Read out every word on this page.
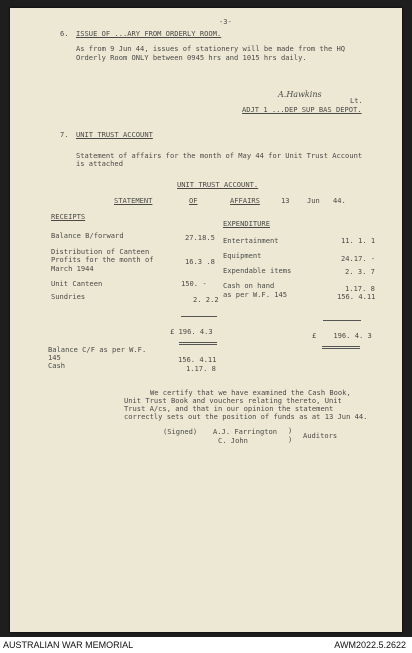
-3-
6. ISSUE OF ...ARY FROM ORDERLY ROOM.
As from 9 Jun 44, issues of stationery will be made from the HQ
Orderly Room ONLY between 0945 hrs and 1015 hrs daily.
A.Hawkins
Lt.
ADJT 1 ...DEP SUP BAS DEPOT.
7. UNIT TRUST ACCOUNT
Statement of affairs for the month of May 44 for Unit Trust Account
is attached
UNIT TRUST ACCOUNT.
STATEMENT	OF	AFFAIRS	13 Jun 44.
RECEIPTS
EXPENDITURE
Balance B/forward	27.18.5
Distribution of Canteen
Profits for the month of
March 1944
16.3 .8
Unit Canteen	150. -
Sundries	2. 2.2
Entertainment	11. 1. 1
Equipment	24.17. -
Expendable items	2. 3. 7
Cash on hand	1.17. 8
as per W.F. 145	156. 4.11
£ 196. 4.3	£    196. 4. 3
Balance C/F as per W.F.
145	156. 4.11
Cash	1.17. 8
We certify that we have examined the Cash Book,
Unit Trust Book and vouchers relating thereto, Unit
Trust A/cs, and that in our opinion the statement
correctly sets out the position of funds as at 13 Jun 44.
(Signed) A.J. Farrington
C. John
)
) Auditors
AUSTRALIAN WAR MEMORIAL	AWM2022.5.2622
